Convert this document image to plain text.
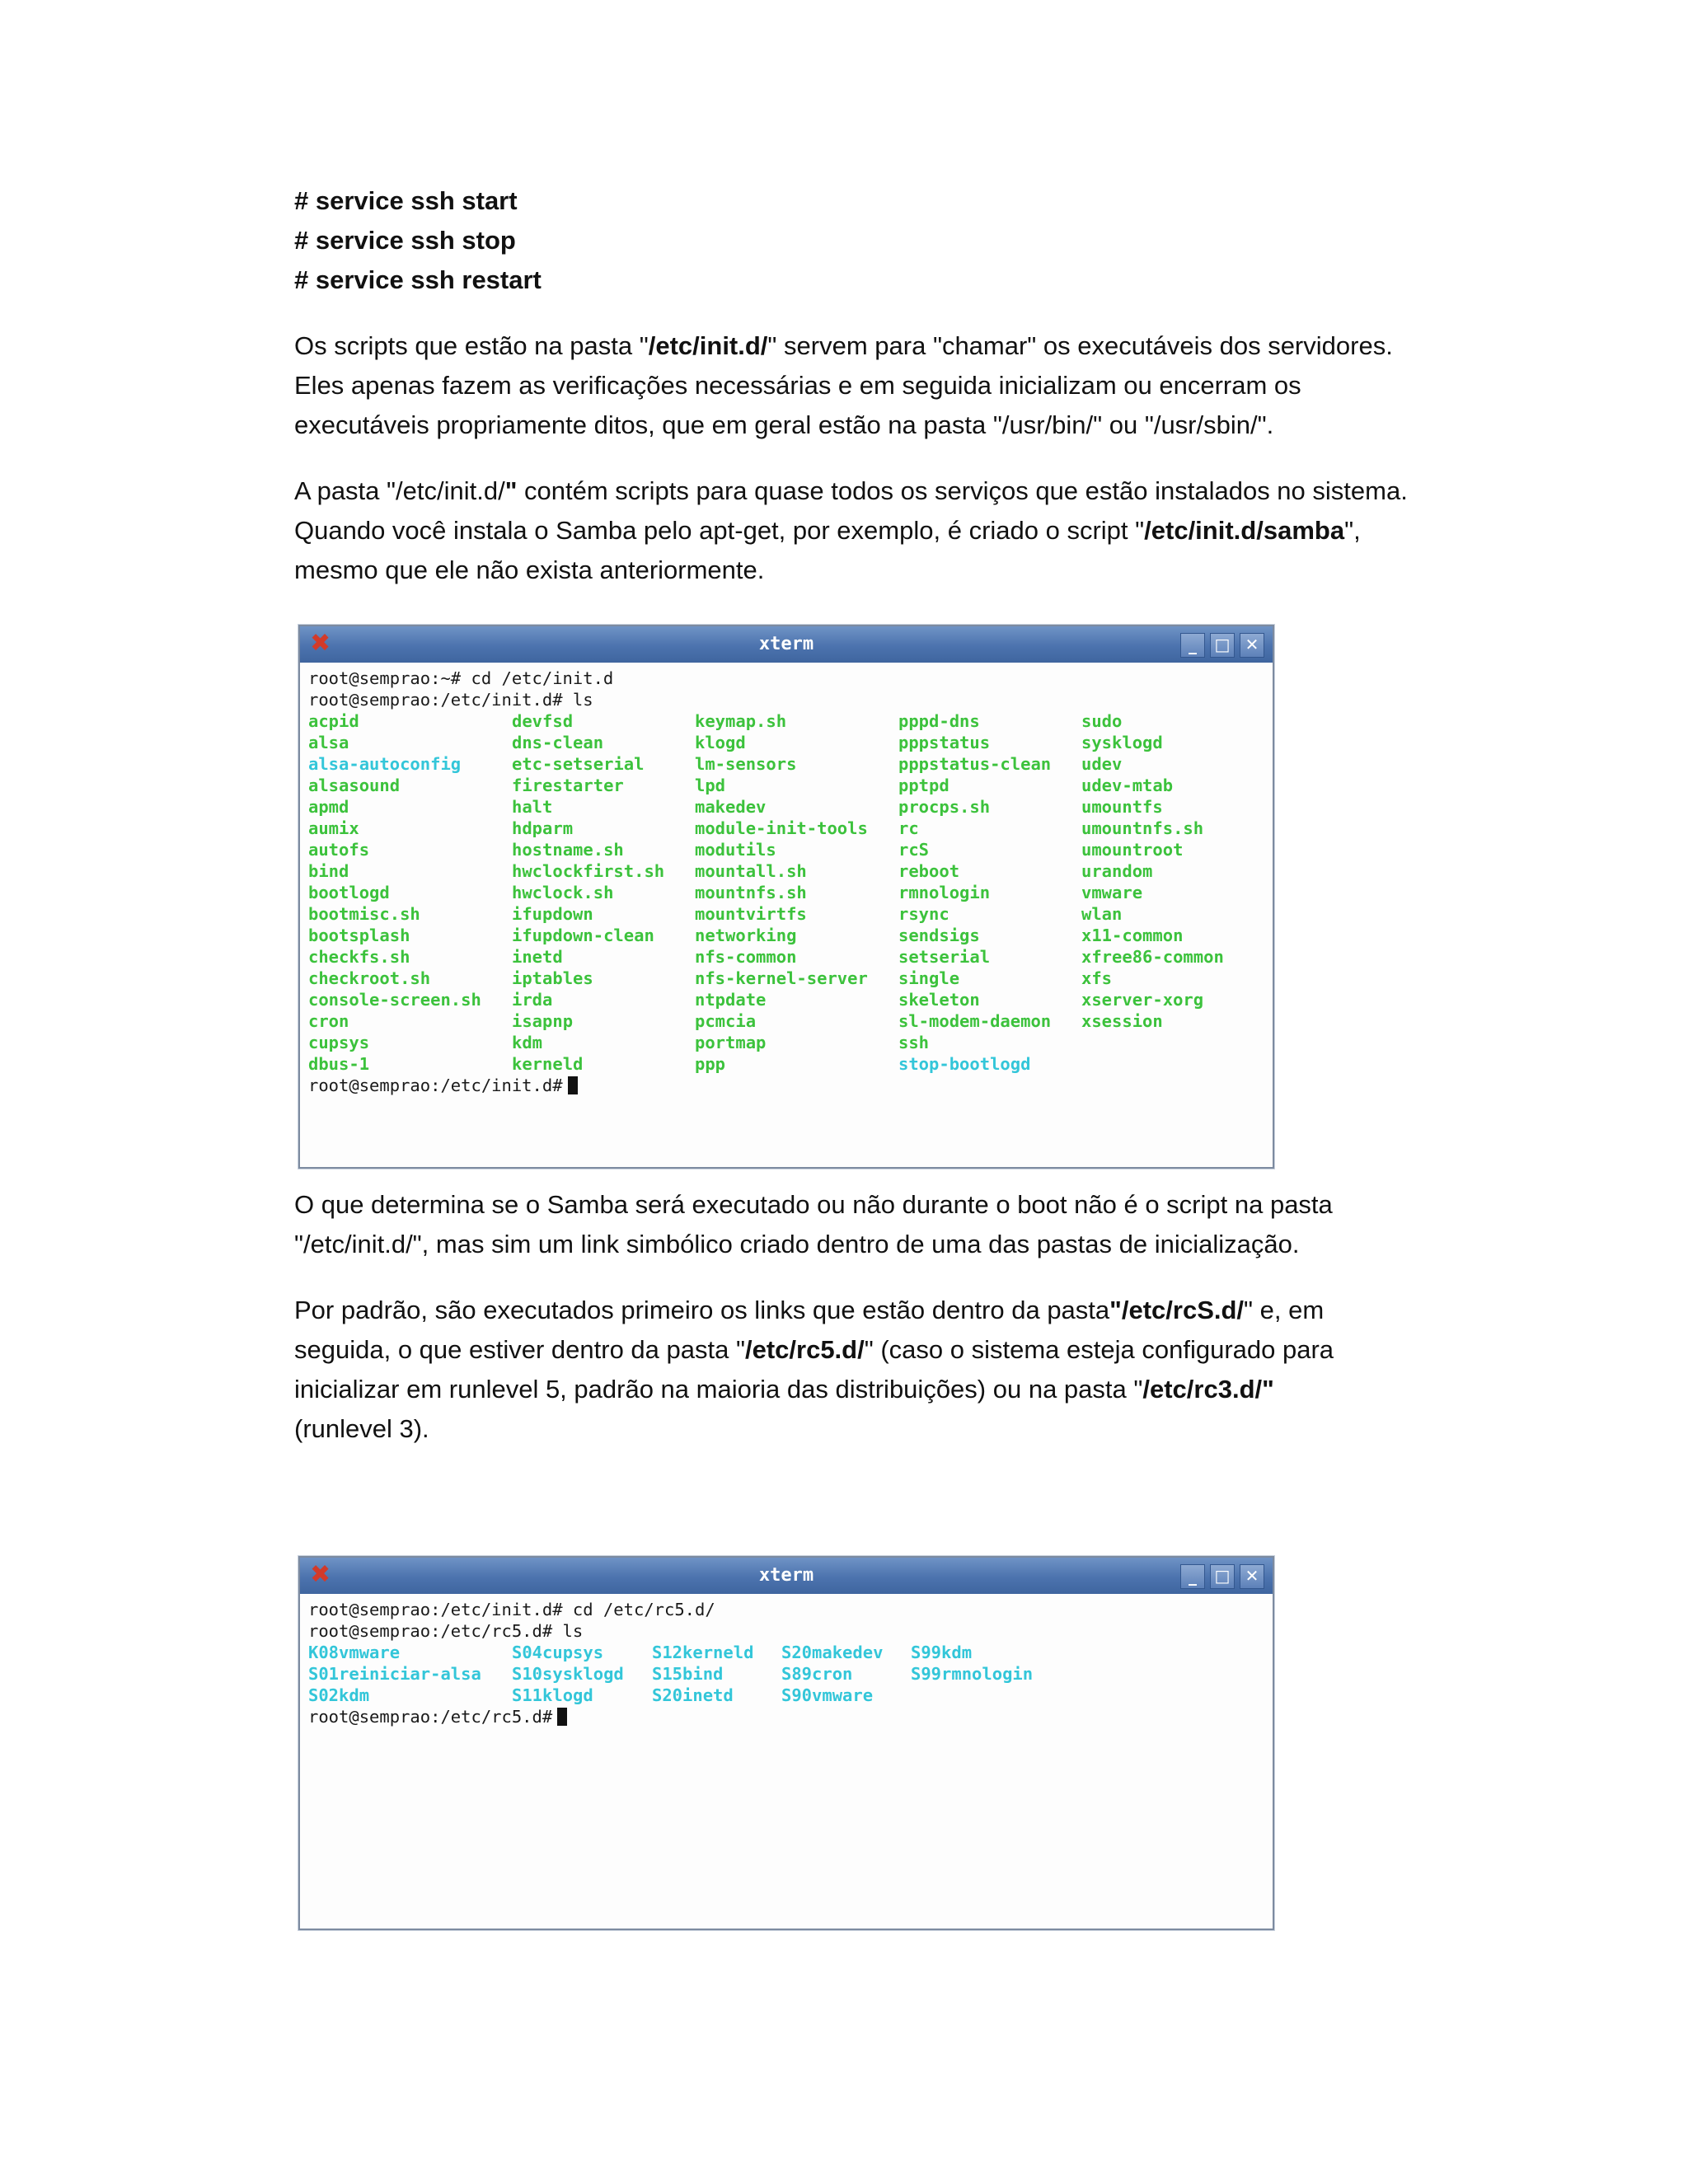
# service ssh start

# service ssh stop

# service ssh restart

Os scripts que estão na pasta "/etc/init.d/" servem para "chamar" os executáveis dos servidores. Eles apenas fazem as verificações necessárias e em seguida inicializam ou encerram os executáveis propriamente ditos, que em geral estão na pasta "/usr/bin/" ou "/usr/sbin/".

A pasta "/etc/init.d/" contém scripts para quase todos os serviços que estão instalados no sistema. Quando você instala o Samba pelo apt-get, por exemplo, é criado o script "/etc/init.d/samba", mesmo que ele não exista anteriormente.

✖	xterm	_	□ ✕
root@semprao:~# cd /etc/init.d
root@semprao:/etc/init.d# ls
acpid	devfsd	keymap.sh	pppd-dns	sudo
alsa	dns-clean	klogd	pppstatus	sysklogd
alsa-autoconfig	etc-setserial	lm-sensors	pppstatus-clean	udev
alsasound	firestarter	lpd	pptpd	udev-mtab
apmd	halt	makedev	procps.sh	umountfs
aumix	hdparm	module-init-tools	rc	umountnfs.sh
autofs	hostname.sh	modutils	rcS	umountroot
bind	hwclockfirst.sh	mountall.sh	reboot	urandom
bootlogd	hwclock.sh	mountnfs.sh	rmnologin	vmware
bootmisc.sh	ifupdown	mountvirtfs	rsync	wlan
bootsplash	ifupdown-clean	networking	sendsigs	x11-common
checkfs.sh	inetd	nfs-common	setserial	xfree86-common
checkroot.sh	iptables	nfs-kernel-server	single	xfs
console-screen.sh	irda	ntpdate	skeleton	xserver-xorg
cron	isapnp	pcmcia	sl-modem-daemon	xsession
cupsys	kdm	portmap	ssh
dbus-1	kerneld	ppp	stop-bootlogd
root@semprao:/etc/init.d#

O que determina se o Samba será executado ou não durante o boot não é o script na pasta "/etc/init.d/", mas sim um link simbólico criado dentro de uma das pastas de inicialização.

Por padrão, são executados primeiro os links que estão dentro da pasta"/etc/rcS.d/" e, em seguida, o que estiver dentro da pasta "/etc/rc5.d/" (caso o sistema esteja configurado para inicializar em runlevel 5, padrão na maioria das distribuições) ou na pasta "/etc/rc3.d/"
(runlevel 3).

✖	xterm	_	□ ✕
root@semprao:/etc/init.d# cd /etc/rc5.d/
root@semprao:/etc/rc5.d# ls
K08vmware	S04cupsys	S12kerneld	S20makedev	S99kdm
S01reiniciar-alsa	S10sysklogd	S15bind	S89cron	S99rmnologin
S02kdm	S11klogd	S20inetd	S90vmware
root@semprao:/etc/rc5.d#
